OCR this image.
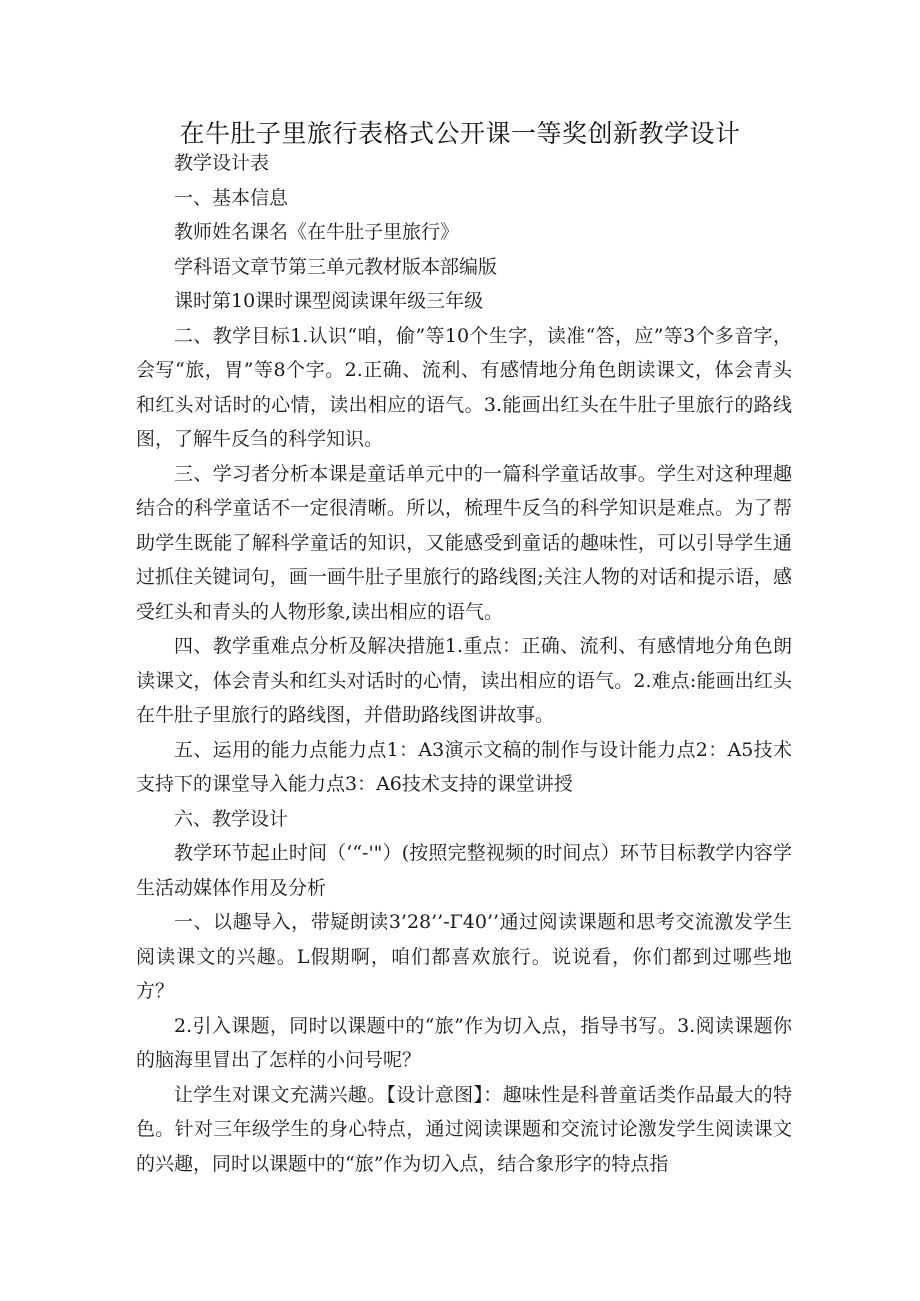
在牛肚子里旅行表格式公开课一等奖创新教学设计

教学设计表

一、基本信息

教师姓名课名《在牛肚子里旅行》

学科语文章节第三单元教材版本部编版

课时第10课时课型阅读课年级三年级

二、教学目标1.认识“咱，偷”等10个生字，读准“答，应”等3个多音字，会写“旅，胃”等8个字。2.正确、流利、有感情地分角色朗读课文，体会青头和红头对话时的心情，读出相应的语气。3.能画出红头在牛肚子里旅行的路线图，了解牛反刍的科学知识。

三、学习者分析本课是童话单元中的一篇科学童话故事。学生对这种理趣结合的科学童话不一定很清晰。所以，梳理牛反刍的科学知识是难点。为了帮助学生既能了解科学童话的知识，又能感受到童话的趣味性，可以引导学生通过抓住关键词句，画一画牛肚子里旅行的路线图;关注人物的对话和提示语，感受红头和青头的人物形象,读出相应的语气。

四、教学重难点分析及解决措施1.重点：正确、流利、有感情地分角色朗读课文，体会青头和红头对话时的心情，读出相应的语气。2.难点:能画出红头在牛肚子里旅行的路线图，并借助路线图讲故事。

五、运用的能力点能力点1：A3演示文稿的制作与设计能力点2：A5技术支持下的课堂导入能力点3：A6技术支持的课堂讲授

六、教学设计

教学环节起止时间（‘“-'"）(按照完整视频的时间点）环节目标教学内容学生活动媒体作用及分析

一、以趣导入，带疑朗读3’28’’-Γ40’’通过阅读课题和思考交流激发学生阅读课文的兴趣。L假期啊，咱们都喜欢旅行。说说看，你们都到过哪些地方？

2.引入课题，同时以课题中的“旅”作为切入点，指导书写。3.阅读课题你的脑海里冒出了怎样的小问号呢？

让学生对课文充满兴趣。【设计意图】：趣味性是科普童话类作品最大的特色。针对三年级学生的身心特点，通过阅读课题和交流讨论激发学生阅读课文的兴趣，同时以课题中的“旅”作为切入点，结合象形字的特点指
